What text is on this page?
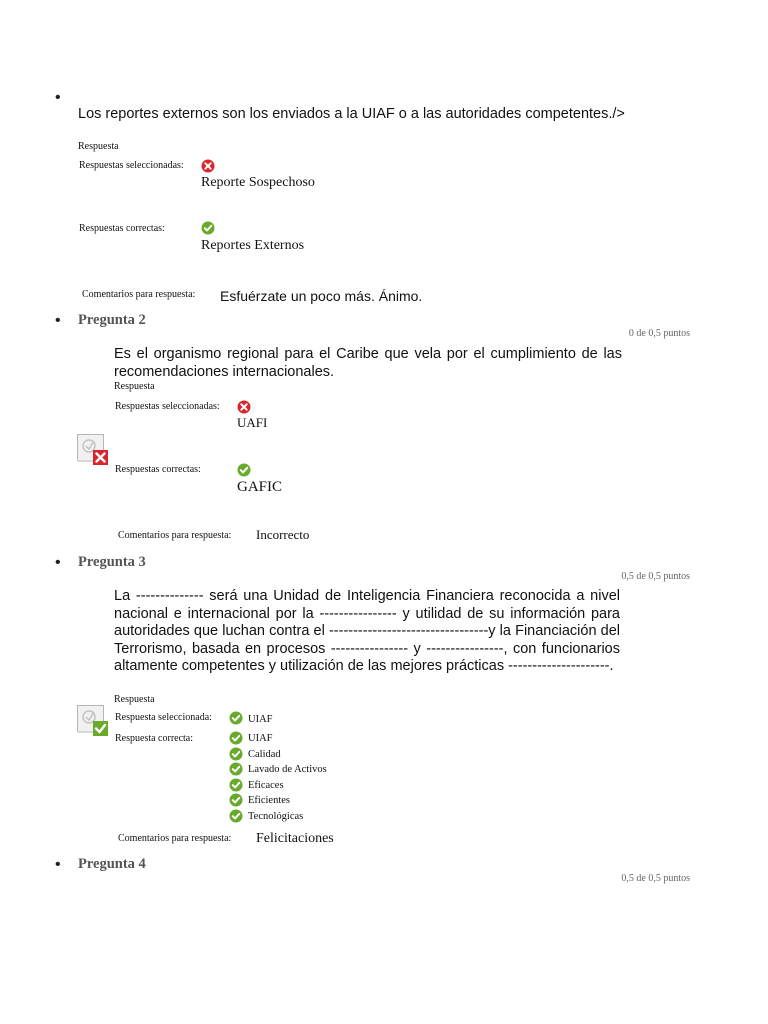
•
Los reportes externos son los enviados a la UIAF o a las autoridades competentes./>
Respuesta
Respuestas seleccionadas:
Reporte Sospechoso
Respuestas correctas:
Reportes Externos
Comentarios para respuesta: Esfuérzate un poco más. Ánimo.
• Pregunta 2
0 de 0,5 puntos
Es el organismo regional para el Caribe que vela por el cumplimiento de las recomendaciones internacionales.
Respuesta
Respuestas seleccionadas:
UAFI
Respuestas correctas:
GAFIC
Comentarios para respuesta: Incorrecto
• Pregunta 3
0,5 de 0,5 puntos
La -------------- será una Unidad de Inteligencia Financiera reconocida a nivel nacional e internacional por la ---------------- y utilidad de su información para autoridades que luchan contra el ---------------------------------y la Financiación del Terrorismo, basada en procesos ---------------- y ----------------, con funcionarios altamente competentes y utilización de las mejores prácticas ---------------------.
Respuesta
Respuesta seleccionada:	UIAF
Respuesta correcta:	UIAF
Calidad
Lavado de Activos
Eficaces
Eficientes
Tecnológicas
Comentarios para respuesta: Felicitaciones
• Pregunta 4
0,5 de 0,5 puntos
